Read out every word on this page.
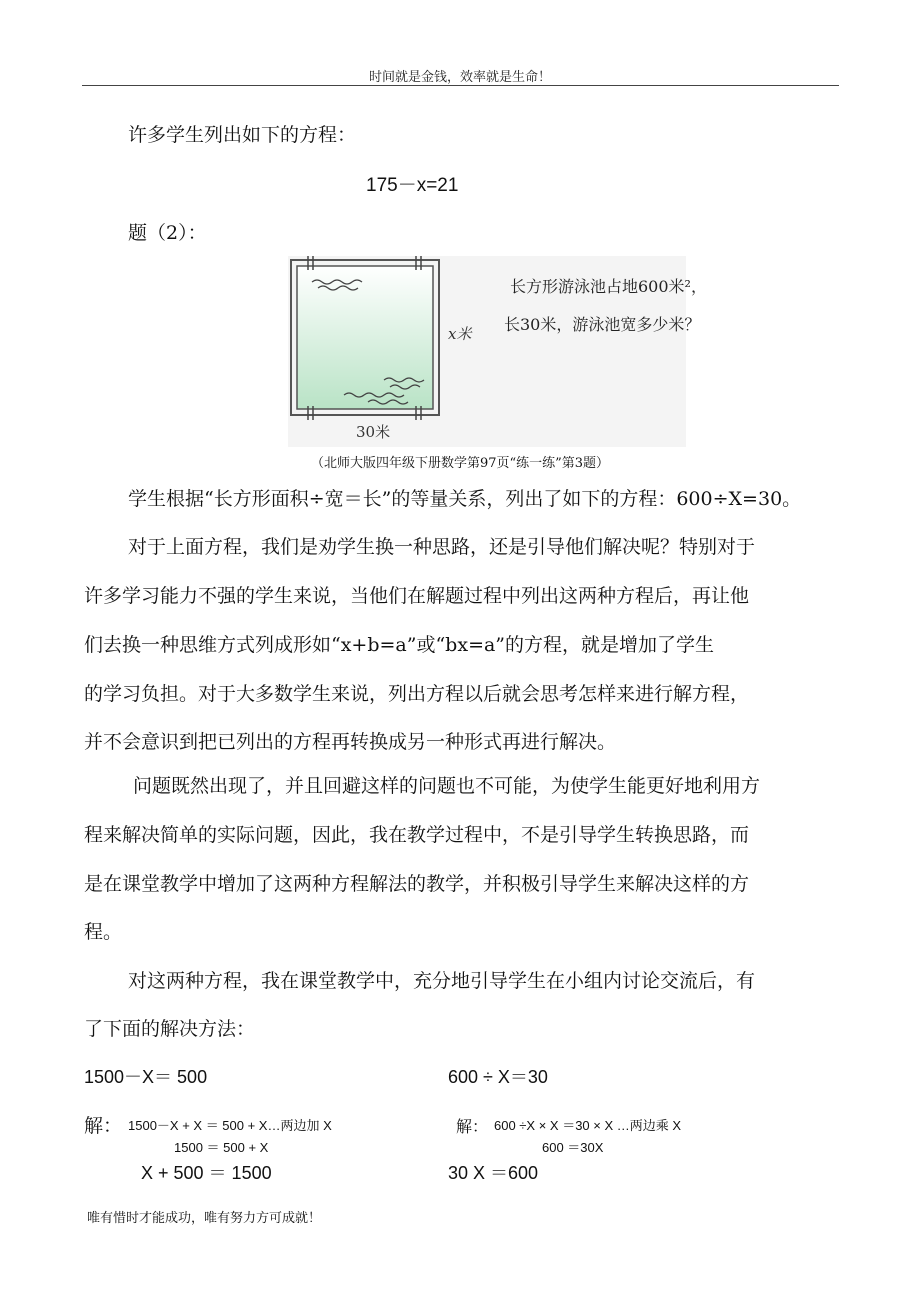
时间就是金钱，效率就是生命！
许多学生列出如下的方程：
175－x=21
题（2）：
x米
30米
长方形游泳池占地600米²，
长30米，游泳池宽多少米？
（北师大版四年级下册数学第97页“练一练”第3题）
学生根据“长方形面积÷宽＝长”的等量关系，列出了如下的方程：600÷X=30。
对于上面方程，我们是劝学生换一种思路，还是引导他们解决呢？特别对于
许多学习能力不强的学生来说，当他们在解题过程中列出这两种方程后，再让他
们去换一种思维方式列成形如“x+b=a”或“bx=a”的方程，就是增加了学生
的学习负担。对于大多数学生来说，列出方程以后就会思考怎样来进行解方程，
并不会意识到把已列出的方程再转换成另一种形式再进行解决。
问题既然出现了，并且回避这样的问题也不可能，为使学生能更好地利用方
程来解决简单的实际问题，因此，我在教学过程中，不是引导学生转换思路，而
是在课堂教学中增加了这两种方程解法的教学，并积极引导学生来解决这样的方
程。
对这两种方程，我在课堂教学中，充分地引导学生在小组内讨论交流后，有
了下面的解决方法：
1500－X＝ 500	600 ÷ X＝30
解： 1500－X + X ＝ 500 + X…两边加 X
1500 ＝ 500 + X
X + 500 ＝ 1500
解： 600 ÷X × X ＝30 × X …两边乘 X
600 ＝30X
30 X ＝600
唯有惜时才能成功，唯有努力方可成就！
